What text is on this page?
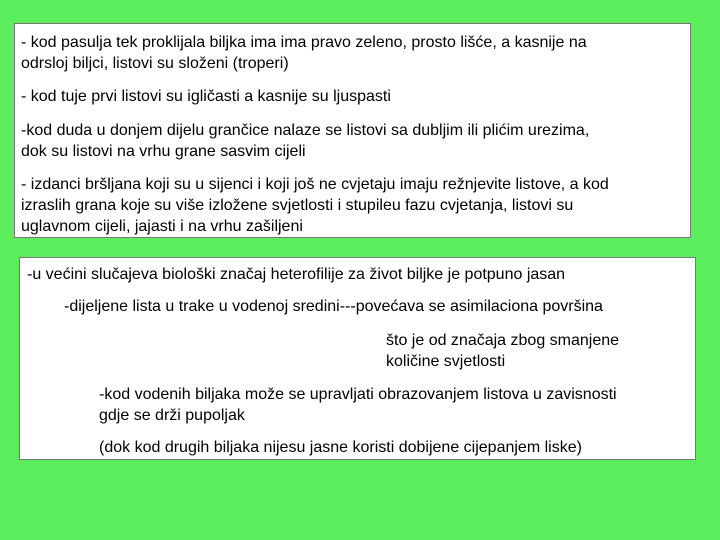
- kod pasulja tek proklijala biljka ima ima pravo zeleno, prosto lišće, a kasnije na

odrsloj biljci, listovi su složeni (troperi)

- kod tuje prvi listovi su igličasti a kasnije su ljuspasti

-kod duda u donjem dijelu grančice nalaze se listovi sa dubljim ili plićim urezima,

dok su listovi na vrhu grane sasvim cijeli

- izdanci bršljana koji su u sijenci i koji još ne cvjetaju imaju režnjevite listove, a kod

izraslih grana koje su više izložene svjetlosti i stupileu fazu cvjetanja, listovi su

uglavnom cijeli, jajasti i na vrhu zašiljeni

-u većini slučajeva biološki značaj heterofilije za život biljke je potpuno jasan

-dijeljene lista u trake u vodenoj sredini---povećava se asimilaciona površina

što je od značaja zbog smanjene

količine svjetlosti

-kod vodenih biljaka može se upravljati obrazovanjem listova u zavisnosti

gdje se drži pupoljak

(dok kod drugih biljaka nijesu jasne koristi dobijene cijepanjem liske)
